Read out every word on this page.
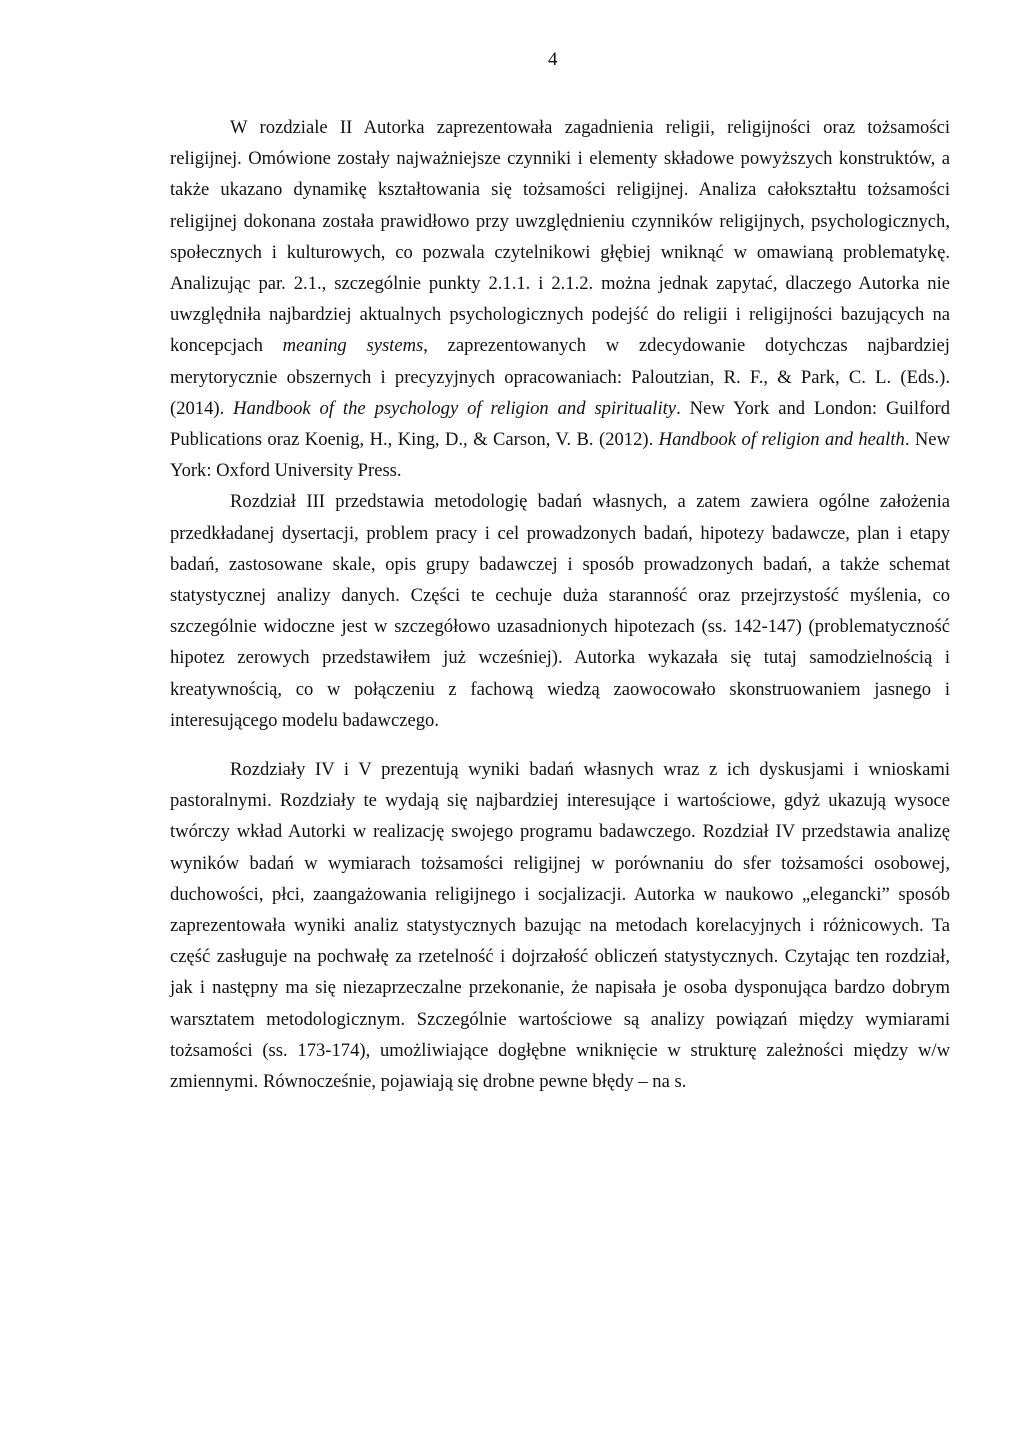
4

W rozdziale II Autorka zaprezentowała zagadnienia religii, religijności oraz tożsamości religijnej. Omówione zostały najważniejsze czynniki i elementy składowe powyższych konstruktów, a także ukazano dynamikę kształtowania się tożsamości religijnej. Analiza całokształtu tożsamości religijnej dokonana została prawidłowo przy uwzględnieniu czynników religijnych, psychologicznych, społecznych i kulturowych, co pozwala czytelnikowi głębiej wniknąć w omawianą problematykę. Analizując par. 2.1., szczególnie punkty 2.1.1. i 2.1.2. można jednak zapytać, dlaczego Autorka nie uwzględniła najbardziej aktualnych psychologicznych podejść do religii i religijności bazujących na koncepcjach meaning systems, zaprezentowanych w zdecydowanie dotychczas najbardziej merytorycznie obszernych i precyzyjnych opracowaniach: Paloutzian, R. F., & Park, C. L. (Eds.). (2014). Handbook of the psychology of religion and spirituality. New York and London: Guilford Publications oraz Koenig, H., King, D., & Carson, V. B. (2012). Handbook of religion and health. New York: Oxford University Press.

Rozdział III przedstawia metodologię badań własnych, a zatem zawiera ogólne założenia przedkładanej dysertacji, problem pracy i cel prowadzonych badań, hipotezy badawcze, plan i etapy badań, zastosowane skale, opis grupy badawczej i sposób prowadzonych badań, a także schemat statystycznej analizy danych. Części te cechuje duża staranność oraz przejrzystość myślenia, co szczególnie widoczne jest w szczegółowo uzasadnionych hipotezach (ss. 142-147) (problematyczność hipotez zerowych przedstawiłem już wcześniej). Autorka wykazała się tutaj samodzielnością i kreatywnością, co w połączeniu z fachową wiedzą zaowocowało skonstruowaniem jasnego i interesującego modelu badawczego.

Rozdziały IV i V prezentują wyniki badań własnych wraz z ich dyskusjami i wnioskami pastoralnymi. Rozdziały te wydają się najbardziej interesujące i wartościowe, gdyż ukazują wysoce twórczy wkład Autorki w realizację swojego programu badawczego. Rozdział IV przedstawia analizę wyników badań w wymiarach tożsamości religijnej w porównaniu do sfer tożsamości osobowej, duchowości, płci, zaangażowania religijnego i socjalizacji. Autorka w naukowo „elegancki” sposób zaprezentowała wyniki analiz statystycznych bazując na metodach korelacyjnych i różnicowych. Ta część zasługuje na pochwałę za rzetelność i dojrzałość obliczeń statystycznych. Czytając ten rozdział, jak i następny ma się niezaprzeczalne przekonanie, że napisała je osoba dysponująca bardzo dobrym warsztatem metodologicznym. Szczególnie wartościowe są analizy powiązań między wymiarami tożsamości (ss. 173-174), umożliwiające dogłębne wniknięcie w strukturę zależności między w/w zmiennymi. Równocześnie, pojawiają się drobne pewne błędy – na s.
